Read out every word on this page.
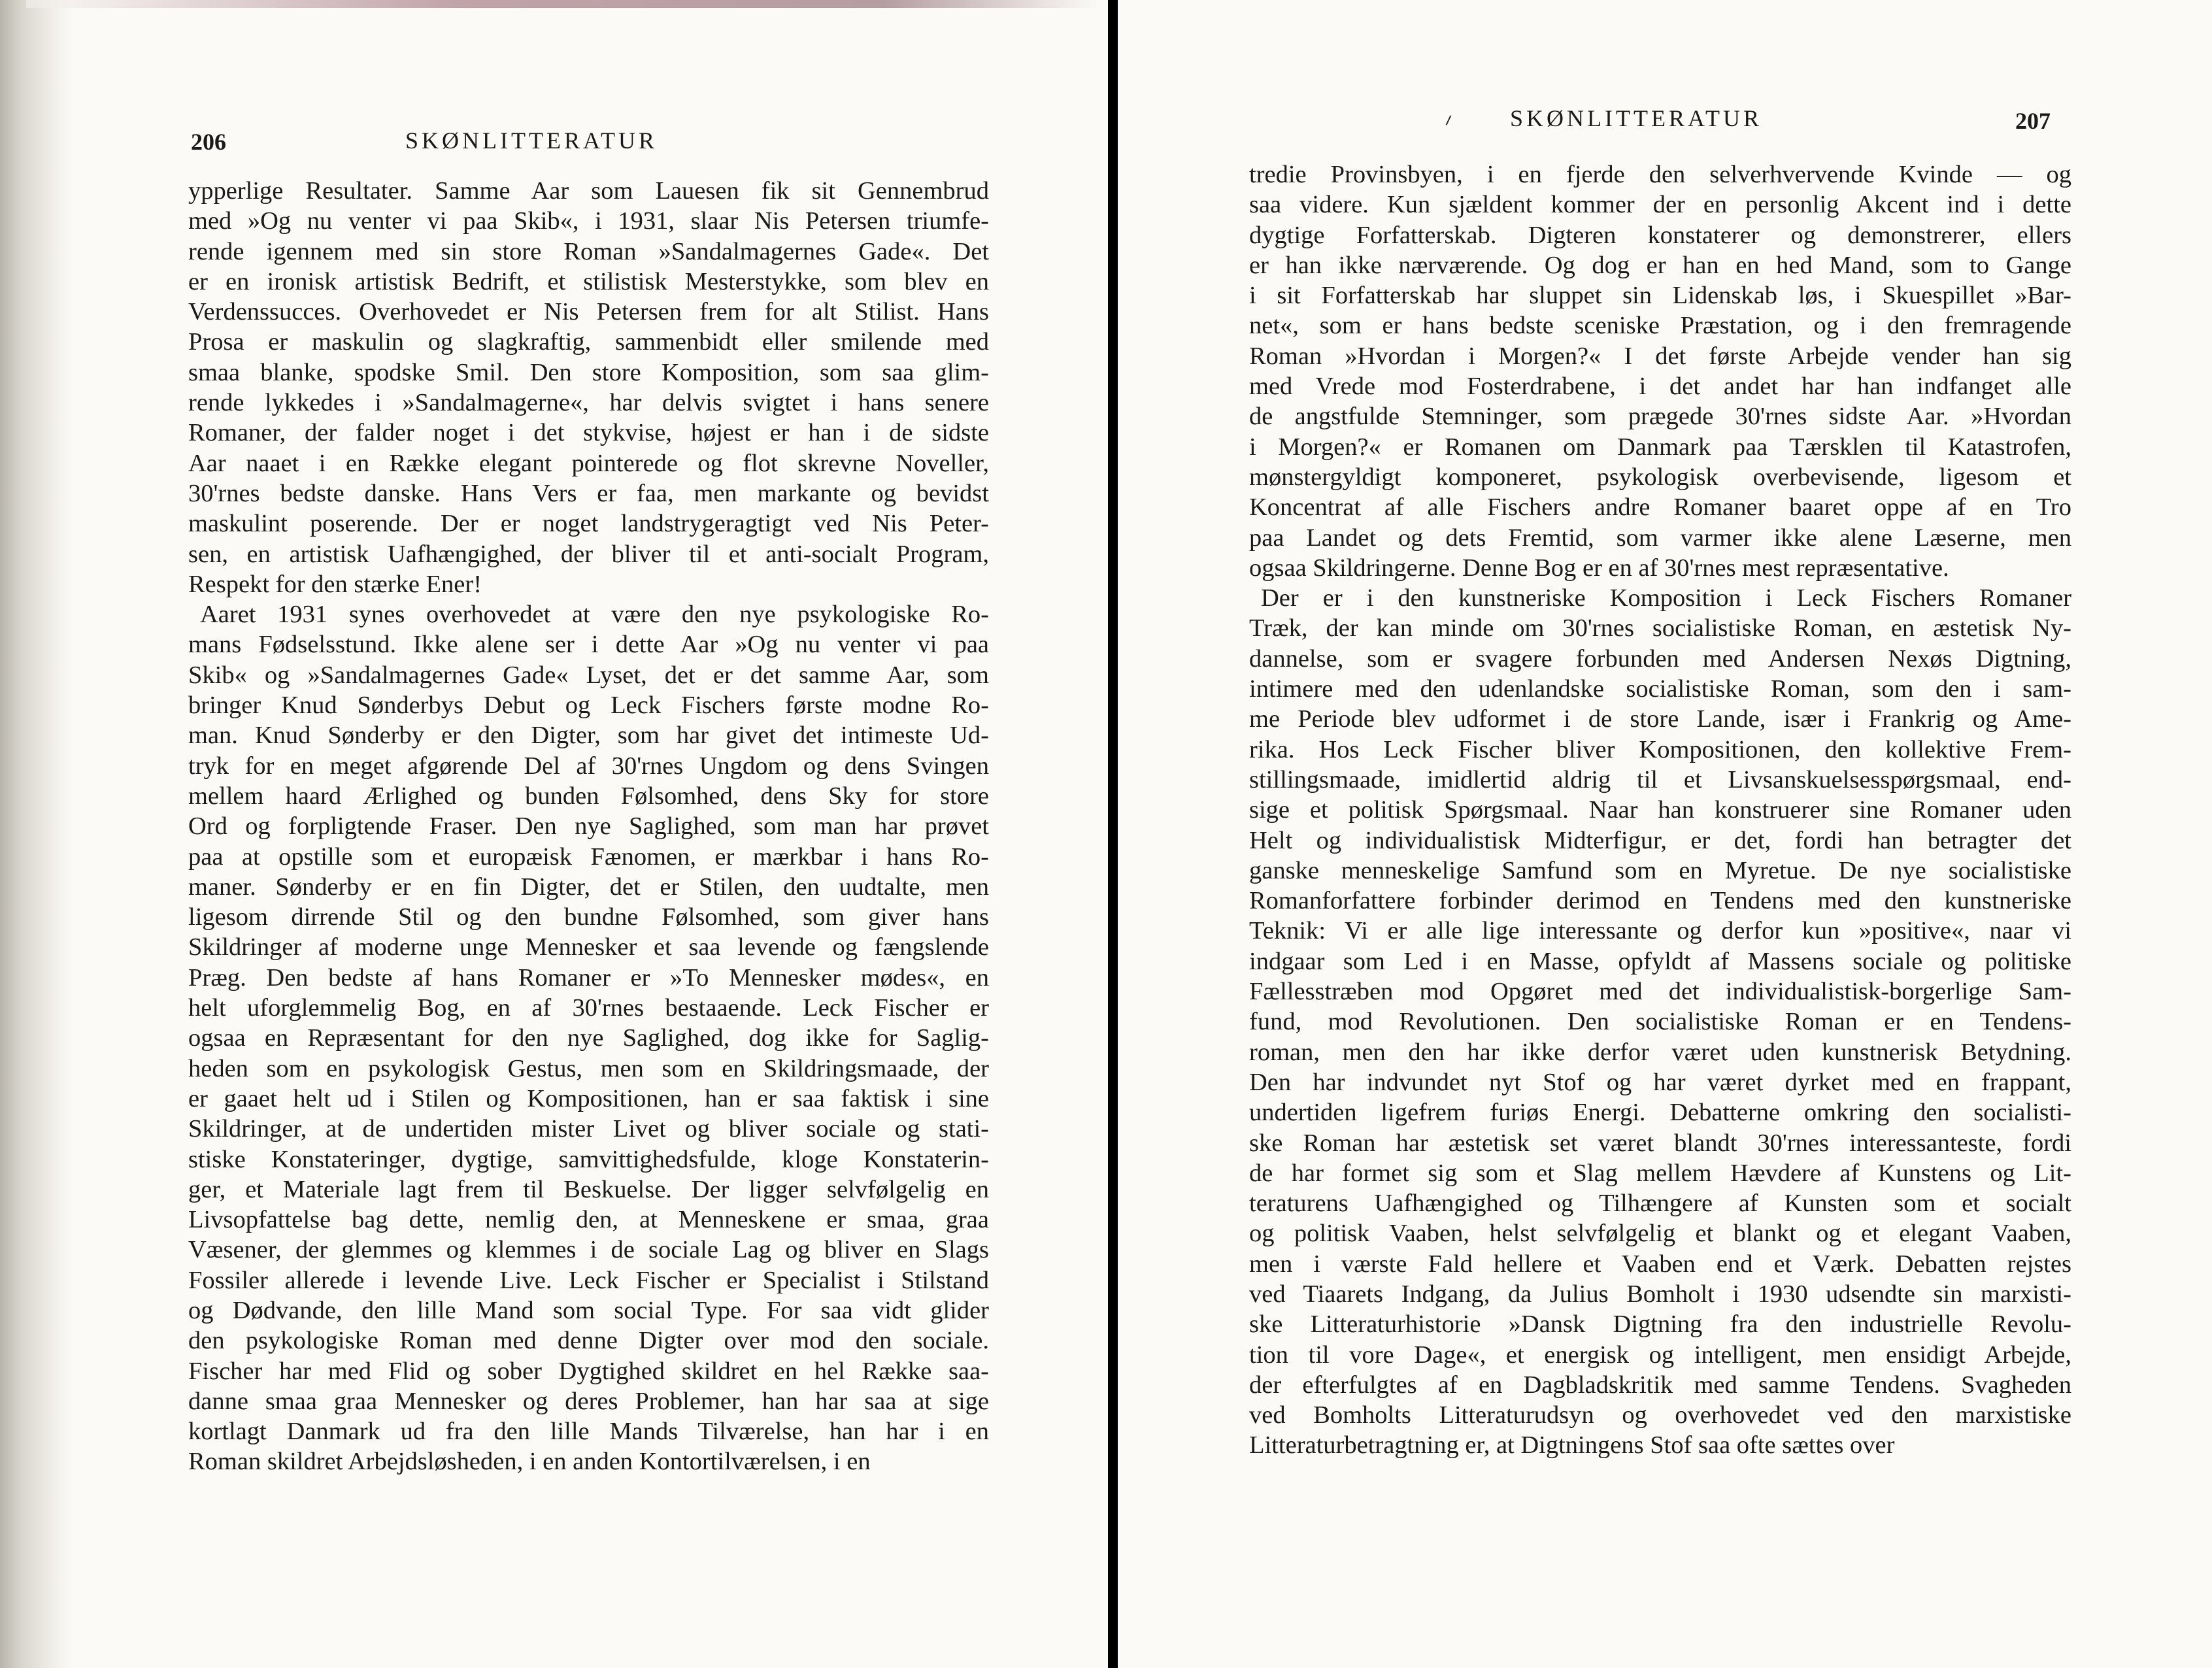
206	SKØNLITTERATUR
ypperlige Resultater. Samme Aar som Lauesen fik sit Gennembrud
med »Og nu venter vi paa Skib«, i 1931, slaar Nis Petersen triumfe-
rende igennem med sin store Roman »Sandalmagernes Gade«. Det
er en ironisk artistisk Bedrift, et stilistisk Mesterstykke, som blev en
Verdenssucces. Overhovedet er Nis Petersen frem for alt Stilist. Hans
Prosa er maskulin og slagkraftig, sammenbidt eller smilende med
smaa blanke, spodske Smil. Den store Komposition, som saa glim-
rende lykkedes i »Sandalmagerne«, har delvis svigtet i hans senere
Romaner, der falder noget i det stykvise, højest er han i de sidste
Aar naaet i en Række elegant pointerede og flot skrevne Noveller,
30'rnes bedste danske. Hans Vers er faa, men markante og bevidst
maskulint poserende. Der er noget landstrygeragtigt ved Nis Peter-
sen, en artistisk Uafhængighed, der bliver til et anti-socialt Program,
Respekt for den stærke Ener!
Aaret 1931 synes overhovedet at være den nye psykologiske Ro-
mans Fødselsstund. Ikke alene ser i dette Aar »Og nu venter vi paa
Skib« og »Sandalmagernes Gade« Lyset, det er det samme Aar, som
bringer Knud Sønderbys Debut og Leck Fischers første modne Ro-
man. Knud Sønderby er den Digter, som har givet det intimeste Ud-
tryk for en meget afgørende Del af 30'rnes Ungdom og dens Svingen
mellem haard Ærlighed og bunden Følsomhed, dens Sky for store
Ord og forpligtende Fraser. Den nye Saglighed, som man har prøvet
paa at opstille som et europæisk Fænomen, er mærkbar i hans Ro-
maner. Sønderby er en fin Digter, det er Stilen, den uudtalte, men
ligesom dirrende Stil og den bundne Følsomhed, som giver hans
Skildringer af moderne unge Mennesker et saa levende og fængslende
Præg. Den bedste af hans Romaner er »To Mennesker mødes«, en
helt uforglemmelig Bog, en af 30'rnes bestaaende. Leck Fischer er
ogsaa en Repræsentant for den nye Saglighed, dog ikke for Saglig-
heden som en psykologisk Gestus, men som en Skildringsmaade, der
er gaaet helt ud i Stilen og Kompositionen, han er saa faktisk i sine
Skildringer, at de undertiden mister Livet og bliver sociale og stati-
stiske Konstateringer, dygtige, samvittighedsfulde, kloge Konstaterin-
ger, et Materiale lagt frem til Beskuelse. Der ligger selvfølgelig en
Livsopfattelse bag dette, nemlig den, at Menneskene er smaa, graa
Væsener, der glemmes og klemmes i de sociale Lag og bliver en Slags
Fossiler allerede i levende Live. Leck Fischer er Specialist i Stilstand
og Dødvande, den lille Mand som social Type. For saa vidt glider
den psykologiske Roman med denne Digter over mod den sociale.
Fischer har med Flid og sober Dygtighed skildret en hel Række saa-
danne smaa graa Mennesker og deres Problemer, han har saa at sige
kortlagt Danmark ud fra den lille Mands Tilværelse, han har i en
Roman skildret Arbejdsløsheden, i en anden Kontortilværelsen, i en
SKØNLITTERATUR	207
tredie Provinsbyen, i en fjerde den selverhvervende Kvinde — og
saa videre. Kun sjældent kommer der en personlig Akcent ind i dette
dygtige Forfatterskab. Digteren konstaterer og demonstrerer, ellers
er han ikke nærværende. Og dog er han en hed Mand, som to Gange
i sit Forfatterskab har sluppet sin Lidenskab løs, i Skuespillet »Bar-
net«, som er hans bedste sceniske Præstation, og i den fremragende
Roman »Hvordan i Morgen?« I det første Arbejde vender han sig
med Vrede mod Fosterdrabene, i det andet har han indfanget alle
de angstfulde Stemninger, som prægede 30'rnes sidste Aar. »Hvordan
i Morgen?« er Romanen om Danmark paa Tærsklen til Katastrofen,
mønstergyldigt komponeret, psykologisk overbevisende, ligesom et
Koncentrat af alle Fischers andre Romaner baaret oppe af en Tro
paa Landet og dets Fremtid, som varmer ikke alene Læserne, men
ogsaa Skildringerne. Denne Bog er en af 30'rnes mest repræsentative.
Der er i den kunstneriske Komposition i Leck Fischers Romaner
Træk, der kan minde om 30'rnes socialistiske Roman, en æstetisk Ny-
dannelse, som er svagere forbunden med Andersen Nexøs Digtning,
intimere med den udenlandske socialistiske Roman, som den i sam-
me Periode blev udformet i de store Lande, især i Frankrig og Ame-
rika. Hos Leck Fischer bliver Kompositionen, den kollektive Frem-
stillingsmaade, imidlertid aldrig til et Livsanskuelsesspørgsmaal, end-
sige et politisk Spørgsmaal. Naar han konstruerer sine Romaner uden
Helt og individualistisk Midterfigur, er det, fordi han betragter det
ganske menneskelige Samfund som en Myretue. De nye socialistiske
Romanforfattere forbinder derimod en Tendens med den kunstneriske
Teknik: Vi er alle lige interessante og derfor kun »positive«, naar vi
indgaar som Led i en Masse, opfyldt af Massens sociale og politiske
Fællesstræben mod Opgøret med det individualistisk-borgerlige Sam-
fund, mod Revolutionen. Den socialistiske Roman er en Tendens-
roman, men den har ikke derfor været uden kunstnerisk Betydning.
Den har indvundet nyt Stof og har været dyrket med en frappant,
undertiden ligefrem furiøs Energi. Debatterne omkring den socialisti-
ske Roman har æstetisk set været blandt 30'rnes interessanteste, fordi
de har formet sig som et Slag mellem Hævdere af Kunstens og Lit-
teraturens Uafhængighed og Tilhængere af Kunsten som et socialt
og politisk Vaaben, helst selvfølgelig et blankt og et elegant Vaaben,
men i værste Fald hellere et Vaaben end et Værk. Debatten rejstes
ved Tiaarets Indgang, da Julius Bomholt i 1930 udsendte sin marxisti-
ske Litteraturhistorie »Dansk Digtning fra den industrielle Revolu-
tion til vore Dage«, et energisk og intelligent, men ensidigt Arbejde,
der efterfulgtes af en Dagbladskritik med samme Tendens. Svagheden
ved Bomholts Litteraturudsyn og overhovedet ved den marxistiske
Litteraturbetragtning er, at Digtningens Stof saa ofte sættes over
